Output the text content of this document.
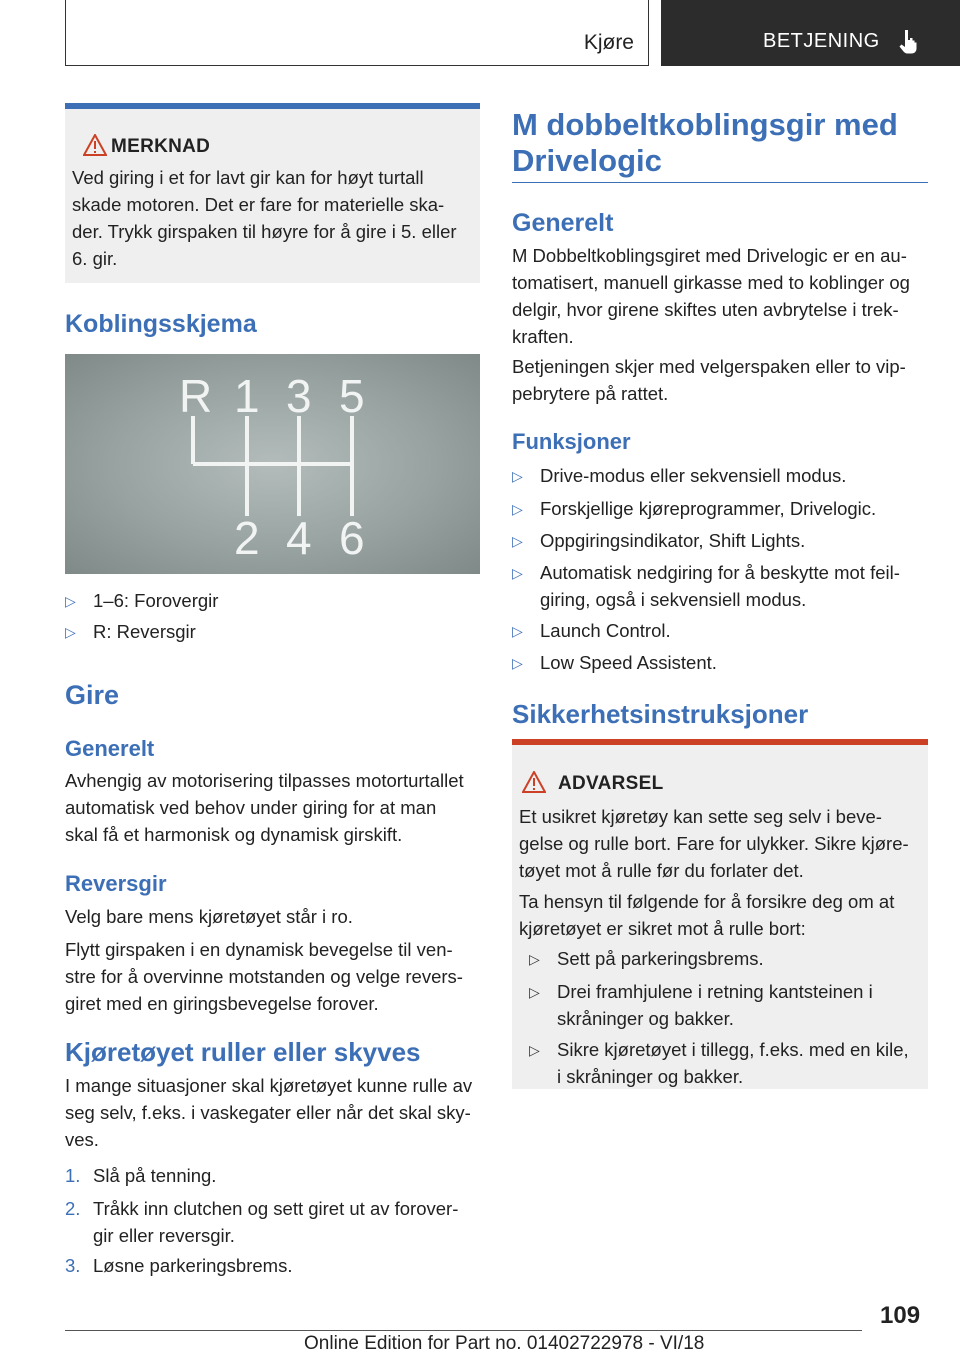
Kjøre	BETJENING
MERKNAD
Ved giring i et for lavt gir kan for høyt turtall
skade motoren. Det er fare for materielle ska-
der. Trykk girspaken til høyre for å gire i 5. eller
6. gir.
Koblingsskjema
R 1 3 5
2 4 6
▷ 1–6: Forovergir
▷ R: Reversgir
Gire
Generelt
Avhengig av motorisering tilpasses motorturtallet
automatisk ved behov under giring for at man
skal få et harmonisk og dynamisk girskift.
Reversgir
Velg bare mens kjøretøyet står i ro.
Flytt girspaken i en dynamisk bevegelse til ven-
stre for å overvinne motstanden og velge revers-
giret med en giringsbevegelse forover.
Kjøretøyet ruller eller skyves
I mange situasjoner skal kjøretøyet kunne rulle av
seg selv, f.eks. i vaskegater eller når det skal sky-
ves.
1. Slå på tenning.
2. Tråkk inn clutchen og sett giret ut av forover-
gir eller reversgir.
3. Løsne parkeringsbrems.
M dobbeltkoblingsgir med
Drivelogic
Generelt
M Dobbeltkoblingsgiret med Drivelogic er en au-
tomatisert, manuell girkasse med to koblinger og
delgir, hvor girene skiftes uten avbrytelse i trek-
kraften.
Betjeningen skjer med velgerspaken eller to vip-
pebrytere på rattet.
Funksjoner
▷ Drive-modus eller sekvensiell modus.
▷ Forskjellige kjøreprogrammer, Drivelogic.
▷ Oppgiringsindikator, Shift Lights.
▷ Automatisk nedgiring for å beskytte mot feil-
giring, også i sekvensiell modus.
▷ Launch Control.
▷ Low Speed Assistent.
Sikkerhetsinstruksjoner
ADVARSEL
Et usikret kjøretøy kan sette seg selv i beve-
gelse og rulle bort. Fare for ulykker. Sikre kjøre-
tøyet mot å rulle før du forlater det.
Ta hensyn til følgende for å forsikre deg om at
kjøretøyet er sikret mot å rulle bort:
▷ Sett på parkeringsbrems.
▷ Drei framhjulene i retning kantsteinen i
skråninger og bakker.
▷ Sikre kjøretøyet i tillegg, f.eks. med en kile,
i skråninger og bakker.
109
Online Edition for Part no. 01402722978 - VI/18
